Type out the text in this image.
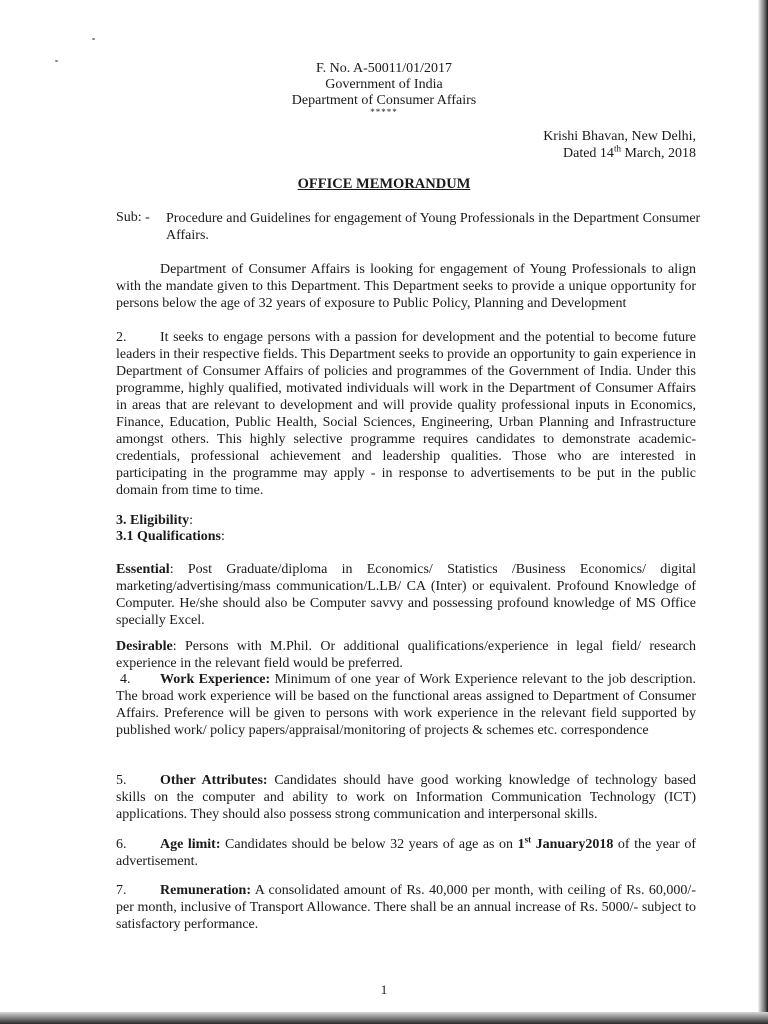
F. No. A-50011/01/2017
Government of India
Department of Consumer Affairs
*****
Krishi Bhavan, New Delhi,
Dated 14th March, 2018
OFFICE MEMORANDUM
Sub: - Procedure and Guidelines for engagement of Young Professionals in the Department Consumer Affairs.
Department of Consumer Affairs is looking for engagement of Young Professionals to align with the mandate given to this Department. This Department seeks to provide a unique opportunity for persons below the age of 32 years of exposure to Public Policy, Planning and Development
2. It seeks to engage persons with a passion for development and the potential to become future leaders in their respective fields. This Department seeks to provide an opportunity to gain experience in Department of Consumer Affairs of policies and programmes of the Government of India. Under this programme, highly qualified, motivated individuals will work in the Department of Consumer Affairs in areas that are relevant to development and will provide quality professional inputs in Economics, Finance, Education, Public Health, Social Sciences, Engineering, Urban Planning and Infrastructure amongst others. This highly selective programme requires candidates to demonstrate academic- credentials, professional achievement and leadership qualities. Those who are interested in participating in the programme may apply - in response to advertisements to be put in the public domain from time to time.
3. Eligibility:
3.1 Qualifications:
Essential: Post Graduate/diploma in Economics/ Statistics /Business Economics/ digital marketing/advertising/mass communication/L.LB/ CA (Inter) or equivalent. Profound Knowledge of Computer. He/she should also be Computer savvy and possessing profound knowledge of MS Office specially Excel.
Desirable: Persons with M.Phil. Or additional qualifications/experience in legal field/ research experience in the relevant field would be preferred.
4. Work Experience: Minimum of one year of Work Experience relevant to the job description. The broad work experience will be based on the functional areas assigned to Department of Consumer Affairs. Preference will be given to persons with work experience in the relevant field supported by published work/ policy papers/appraisal/monitoring of projects & schemes etc. correspondence
5. Other Attributes: Candidates should have good working knowledge of technology based skills on the computer and ability to work on Information Communication Technology (ICT) applications. They should also possess strong communication and interpersonal skills.
6. Age limit: Candidates should be below 32 years of age as on 1st January2018 of the year of advertisement.
7. Remuneration: A consolidated amount of Rs. 40,000 per month, with ceiling of Rs. 60,000/- per month, inclusive of Transport Allowance. There shall be an annual increase of Rs. 5000/- subject to satisfactory performance.
1
